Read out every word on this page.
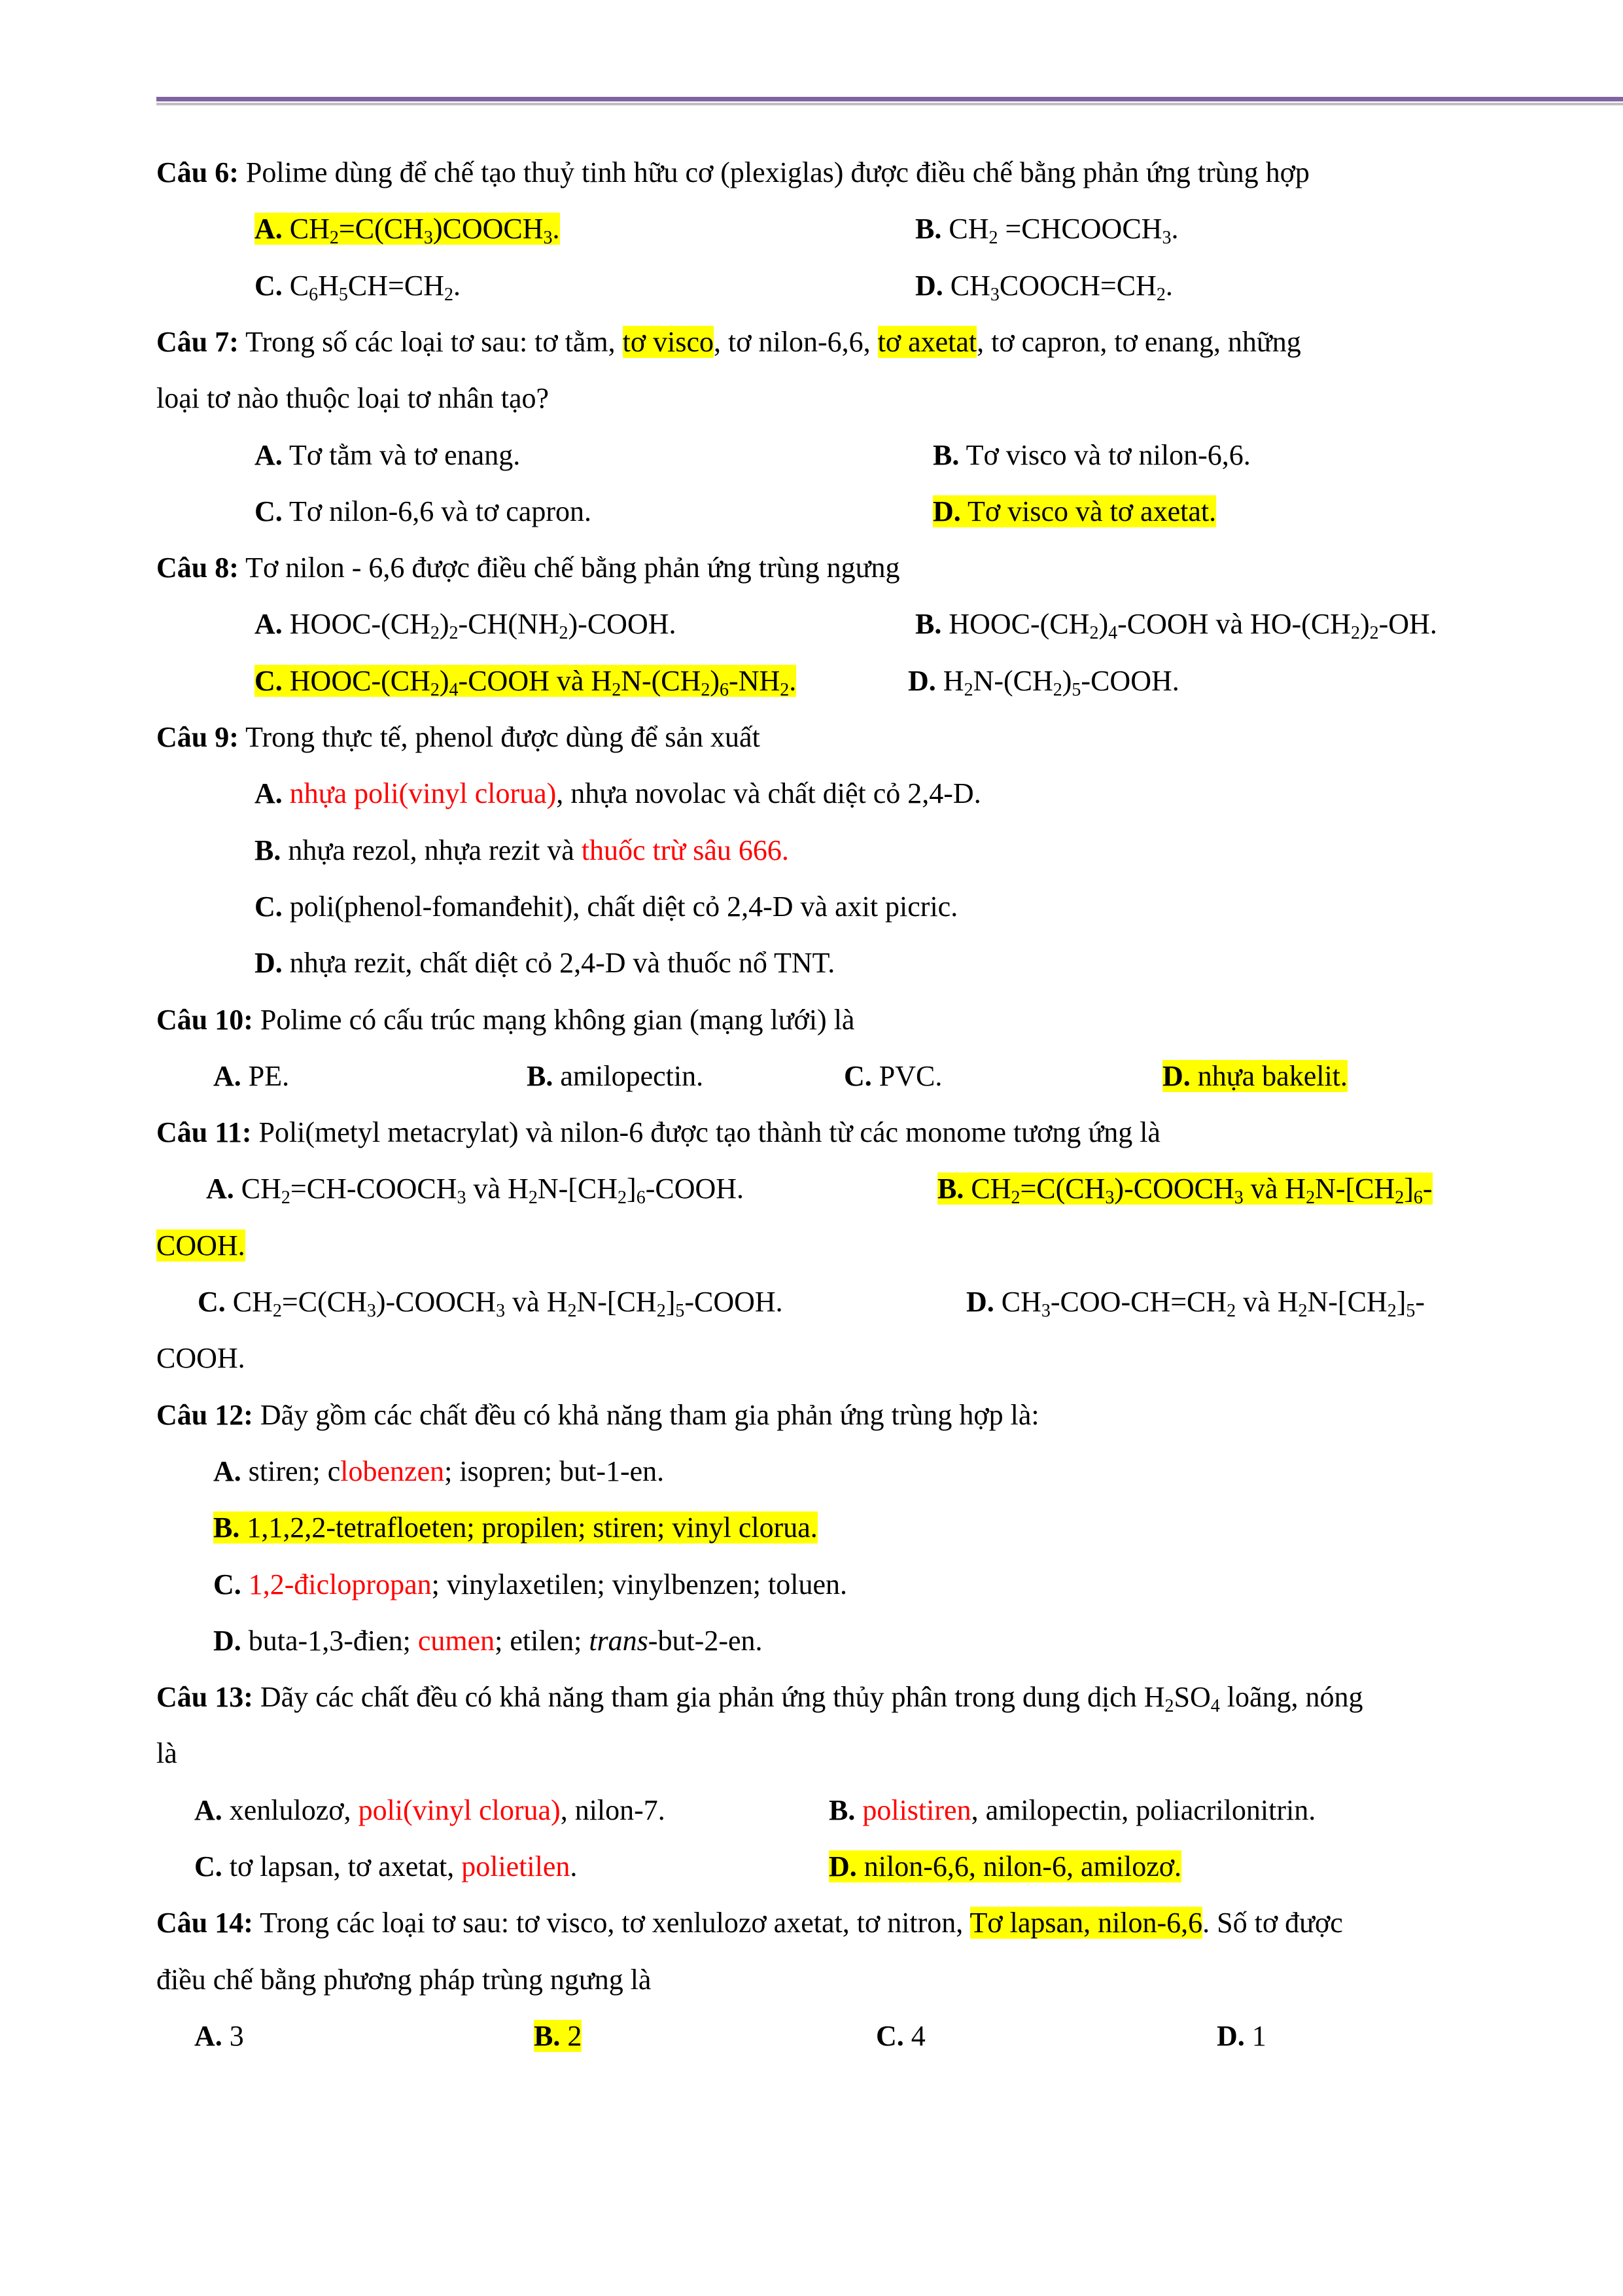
Câu 6: Polime dùng để chế tạo thuỷ tinh hữu cơ (plexiglas) được điều chế bằng phản ứng trùng hợp
A. $CH_2=C(CH_3)COOCH_3$.	B. $CH_2$ $=CHCOOCH_3$.
C. $C_6H_5CH=CH_2$.	D. $CH_3COOCH=CH_2$.
Câu 7: Trong số các loại tơ sau: tơ tằm, tơ visco, tơ nilon-6,6, tơ axetat, tơ capron, tơ enang, những
loại tơ nào thuộc loại tơ nhân tạo?
A. Tơ tằm và tơ enang.	B. Tơ visco và tơ nilon-6,6.
C. Tơ nilon-6,6 và tơ capron.	D. Tơ visco và tơ axetat.
Câu 8: Tơ nilon - 6,6 được điều chế bằng phản ứng trùng ngưng
A. HOOC-$(CH_2)_2-CH(NH_2)$-COOH.	B. HOOC-$(CH_2)_4$-COOH và $HO-(CH_2)_2-OH$.
C. HOOC-$(CH_2)_4$-COOH và $H_2N-(CH_2)_6-NH_2$.	D. $H_2N-(CH_2)_5$-COOH.
Câu 9: Trong thực tế, phenol được dùng để sản xuất
A. nhựa poli(vinyl clorua), nhựa novolac và chất diệt cỏ 2,4-D.
B. nhựa rezol, nhựa rezit và thuốc trừ sâu 666.
C. poli(phenol-fomanđehit), chất diệt cỏ 2,4-D và axit picric.
D. nhựa rezit, chất diệt cỏ 2,4-D và thuốc nổ TNT.
Câu 10: Polime có cấu trúc mạng không gian (mạng lưới) là
A. PE.	B. amilopectin.	C. PVC.	D. nhựa bakelit.
Câu 11: Poli(metyl metacrylat) và nilon-6 được tạo thành từ các monome tương ứng là
A. $CH_2=CH-COOCH_3$ và $H_2N-[CH_2]_6$-COOH.	B. $CH_2=C(CH_3)-COOCH_3$ và $H_2N-[CH_2]_6-$
COOH.
C. $CH_2=C(CH_3)-COOCH_3$ và $H_2N-[CH_2]_5$-COOH.	D. $CH_3-COO-CH=CH_2$ và $H_2N-[CH_2]_5-$
COOH.
Câu 12: Dãy gồm các chất đều có khả năng tham gia phản ứng trùng hợp là:
A. stiren; clobenzen; isopren; but-1-en.
B. 1,1,2,2-tetrafloeten; propilen; stiren; vinyl clorua.
C. 1,2-điclopropan; vinylaxetilen; vinylbenzen; toluen.
D. buta-1,3-đien; cumen; etilen; trans-but-2-en.
Câu 13: Dãy các chất đều có khả năng tham gia phản ứng thủy phân trong dung dịch $H_2SO_4$ loãng, nóng
là
A. xenlulozơ, poli(vinyl clorua), nilon-7.	B. polistiren, amilopectin, poliacrilonitrin.
C. tơ lapsan, tơ axetat, polietilen.	D. nilon-6,6, nilon-6, amilozơ.
Câu 14: Trong các loại tơ sau: tơ visco, tơ xenlulozơ axetat, tơ nitron, Tơ lapsan, nilon-6,6. Số tơ được
điều chế bằng phương pháp trùng ngưng là
A. 3	B. 2	C. 4	D. 1
